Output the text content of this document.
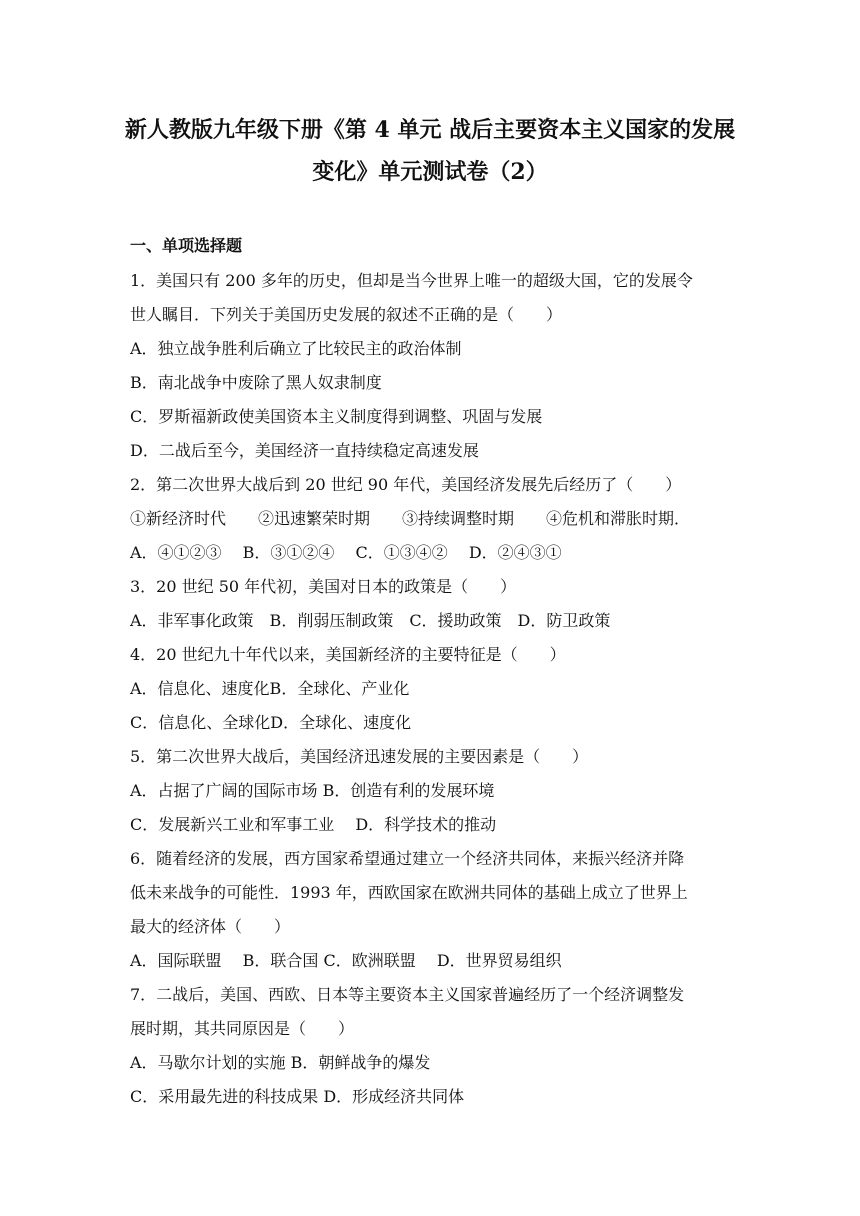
新人教版九年级下册《第 4 单元 战后主要资本主义国家的发展
变化》单元测试卷（2）
一、单项选择题
1．美国只有 200 多年的历史，但却是当今世界上唯一的超级大国，它的发展令
世人瞩目．下列关于美国历史发展的叙述不正确的是（　　）
A．独立战争胜利后确立了比较民主的政治体制
B．南北战争中废除了黑人奴隶制度
C．罗斯福新政使美国资本主义制度得到调整、巩固与发展
D．二战后至今，美国经济一直持续稳定高速发展
2．第二次世界大战后到 20 世纪 90 年代，美国经济发展先后经历了（　　）
①新经济时代　　②迅速繁荣时期　　③持续调整时期　　④危机和滞胀时期．
A．④①②③　 B．③①②④　 C．①③④②　 D．②④③①
3．20 世纪 50 年代初，美国对日本的政策是（　　）
A．非军事化政策　B．削弱压制政策　C．援助政策　D．防卫政策
4．20 世纪九十年代以来，美国新经济的主要特征是（　　）
A．信息化、速度化B．全球化、产业化
C．信息化、全球化D．全球化、速度化
5．第二次世界大战后，美国经济迅速发展的主要因素是（　　）
A．占据了广阔的国际市场 B．创造有利的发展环境
C．发展新兴工业和军事工业　 D．科学技术的推动
6．随着经济的发展，西方国家希望通过建立一个经济共同体，来振兴经济并降
低未来战争的可能性．1993 年，西欧国家在欧洲共同体的基础上成立了世界上
最大的经济体（　　）
A．国际联盟　 B．联合国 C．欧洲联盟　 D．世界贸易组织
7．二战后，美国、西欧、日本等主要资本主义国家普遍经历了一个经济调整发
展时期，其共同原因是（　　）
A．马歇尔计划的实施 B．朝鲜战争的爆发
C．采用最先进的科技成果 D．形成经济共同体
